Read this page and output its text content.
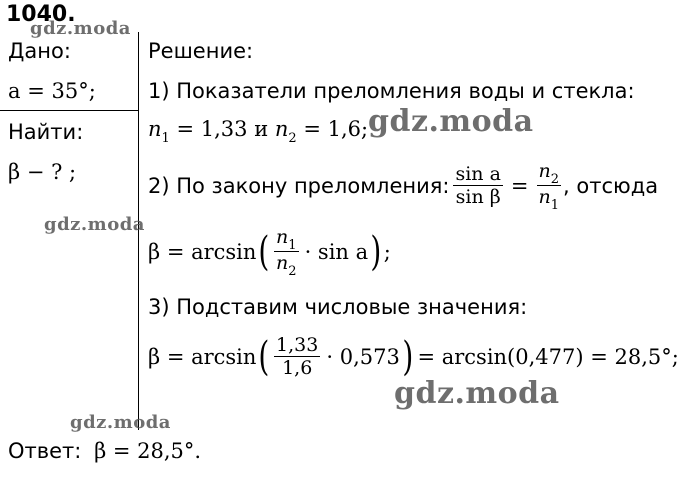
1040.
Дано:
a = 35°;
Найти:
β − ? ;
Решение:
1) Показатели преломления воды и стекла:
$n_1 = 1,33$ и $n_2 = 1,6$;
2) По закону преломления: $\frac{\text{sin a}}{\text{sin β}} = \frac{n_2}{n_1}$ , отсюда
β = arcsin ( $\frac{n_1}{n_2} \cdot \sin a$ ) ;
3) Подставим числовые значения:
β = arcsin ( $\frac{1,33}{1,6} \cdot 0,573$ ) = arcsin(0,477) = 28,5°;
Ответ: β = 28,5°.
gdz.moda
gdz.moda
gdz.moda
gdz.moda
gdz.moda
